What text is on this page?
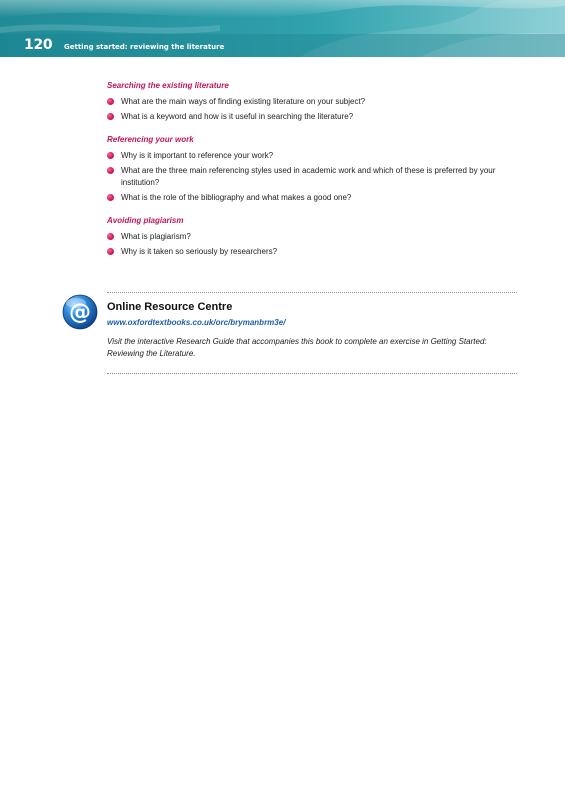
120 Getting started: reviewing the literature
Searching the existing literature
What are the main ways of finding existing literature on your subject?
What is a keyword and how is it useful in searching the literature?
Referencing your work
Why is it important to reference your work?
What are the three main referencing styles used in academic work and which of these is preferred by your institution?
What is the role of the bibliography and what makes a good one?
Avoiding plagiarism
What is plagiarism?
Why is it taken so seriously by researchers?
@ Online Resource Centre
www.oxfordtextbooks.co.uk/orc/brymanbrm3e/
Visit the interactive Research Guide that accompanies this book to complete an exercise in Getting Started: Reviewing the Literature.
